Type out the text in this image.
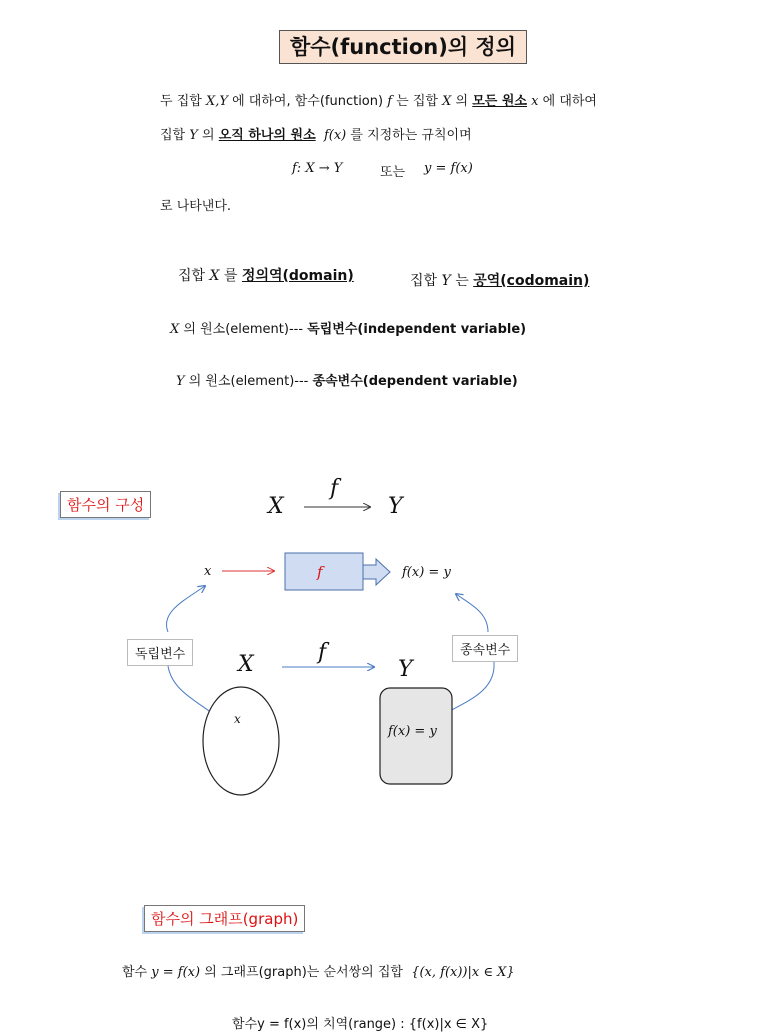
함수(function)의 정의
두 집합 X,Y 에 대하여, 함수(function) f 는 집합 X 의 모든 원소 x 에 대하여
집합 Y 의 오직 하나의 원소 f(x) 를 지정하는 규칙이며
f: X → Y	또는 y = f(x)
로 나타낸다.
집합 X 를 정의역(domain)	집합 Y 는 공역(codomain)
X 의 원소(element)--- 독립변수(independent variable)
Y 의 원소(element)--- 종속변수(dependent variable)
함수의 구성	X
f
Y
x	f	f(x) = y
독립변수	종속변수
X	f
Y
x
f(x) = y
함수의 그래프(graph)
함수 y = f(x) 의 그래프(graph)는 순서쌍의 집합 {(x, f(x))|x ∈ X}
함수y = f(x)의 치역(range) : {f(x)|x ∈ X}
